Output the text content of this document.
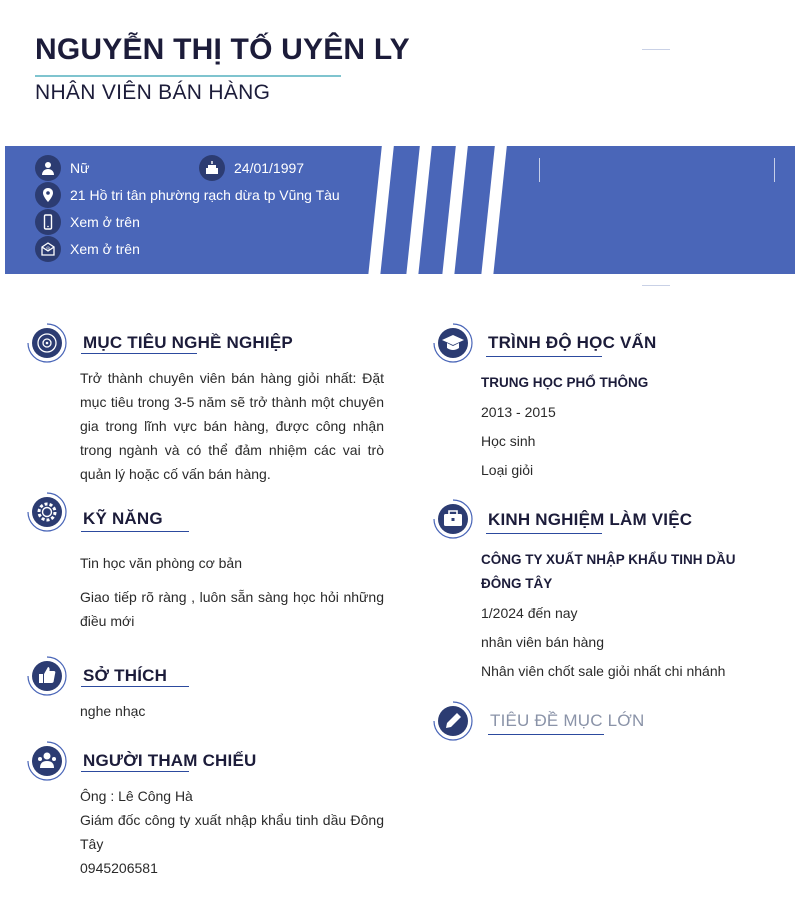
NGUYỄN THỊ TỐ UYÊN LY
NHÂN VIÊN BÁN HÀNG
Nữ	24/01/1997
21 Hồ tri tân phường rạch dừa tp Vũng Tàu
Xem ở trên
@ Xem ở trên
MỤC TIÊU NGHỀ NGHIỆP
Trở thành chuyên viên bán hàng giỏi nhất: Đặt mục tiêu trong 3-5 năm sẽ trở thành một chuyên gia trong lĩnh vực bán hàng, được công nhận trong ngành và có thể đảm nhiệm các vai trò quản lý hoặc cố vấn bán hàng.
KỸ NĂNG
Tin học văn phòng cơ bản
Giao tiếp rõ ràng , luôn sẵn sàng học hỏi những điều mới
SỞ THÍCH
nghe nhạc
NGƯỜI THAM CHIẾU
Ông : Lê Công Hà
Giám đốc công ty xuất nhập khẩu tinh dầu Đông Tây
0945206581
TRÌNH ĐỘ HỌC VẤN
TRUNG HỌC PHỔ THÔNG
2013 - 2015
Học sinh
Loại giỏi
KINH NGHIỆM LÀM VIỆC
CÔNG TY XUẤT NHẬP KHẨU TINH DẦU ĐÔNG TÂY
1/2024 đến nay
nhân viên bán hàng
Nhân viên chốt sale giỏi nhất chi nhánh
TIÊU ĐỀ MỤC LỚN
